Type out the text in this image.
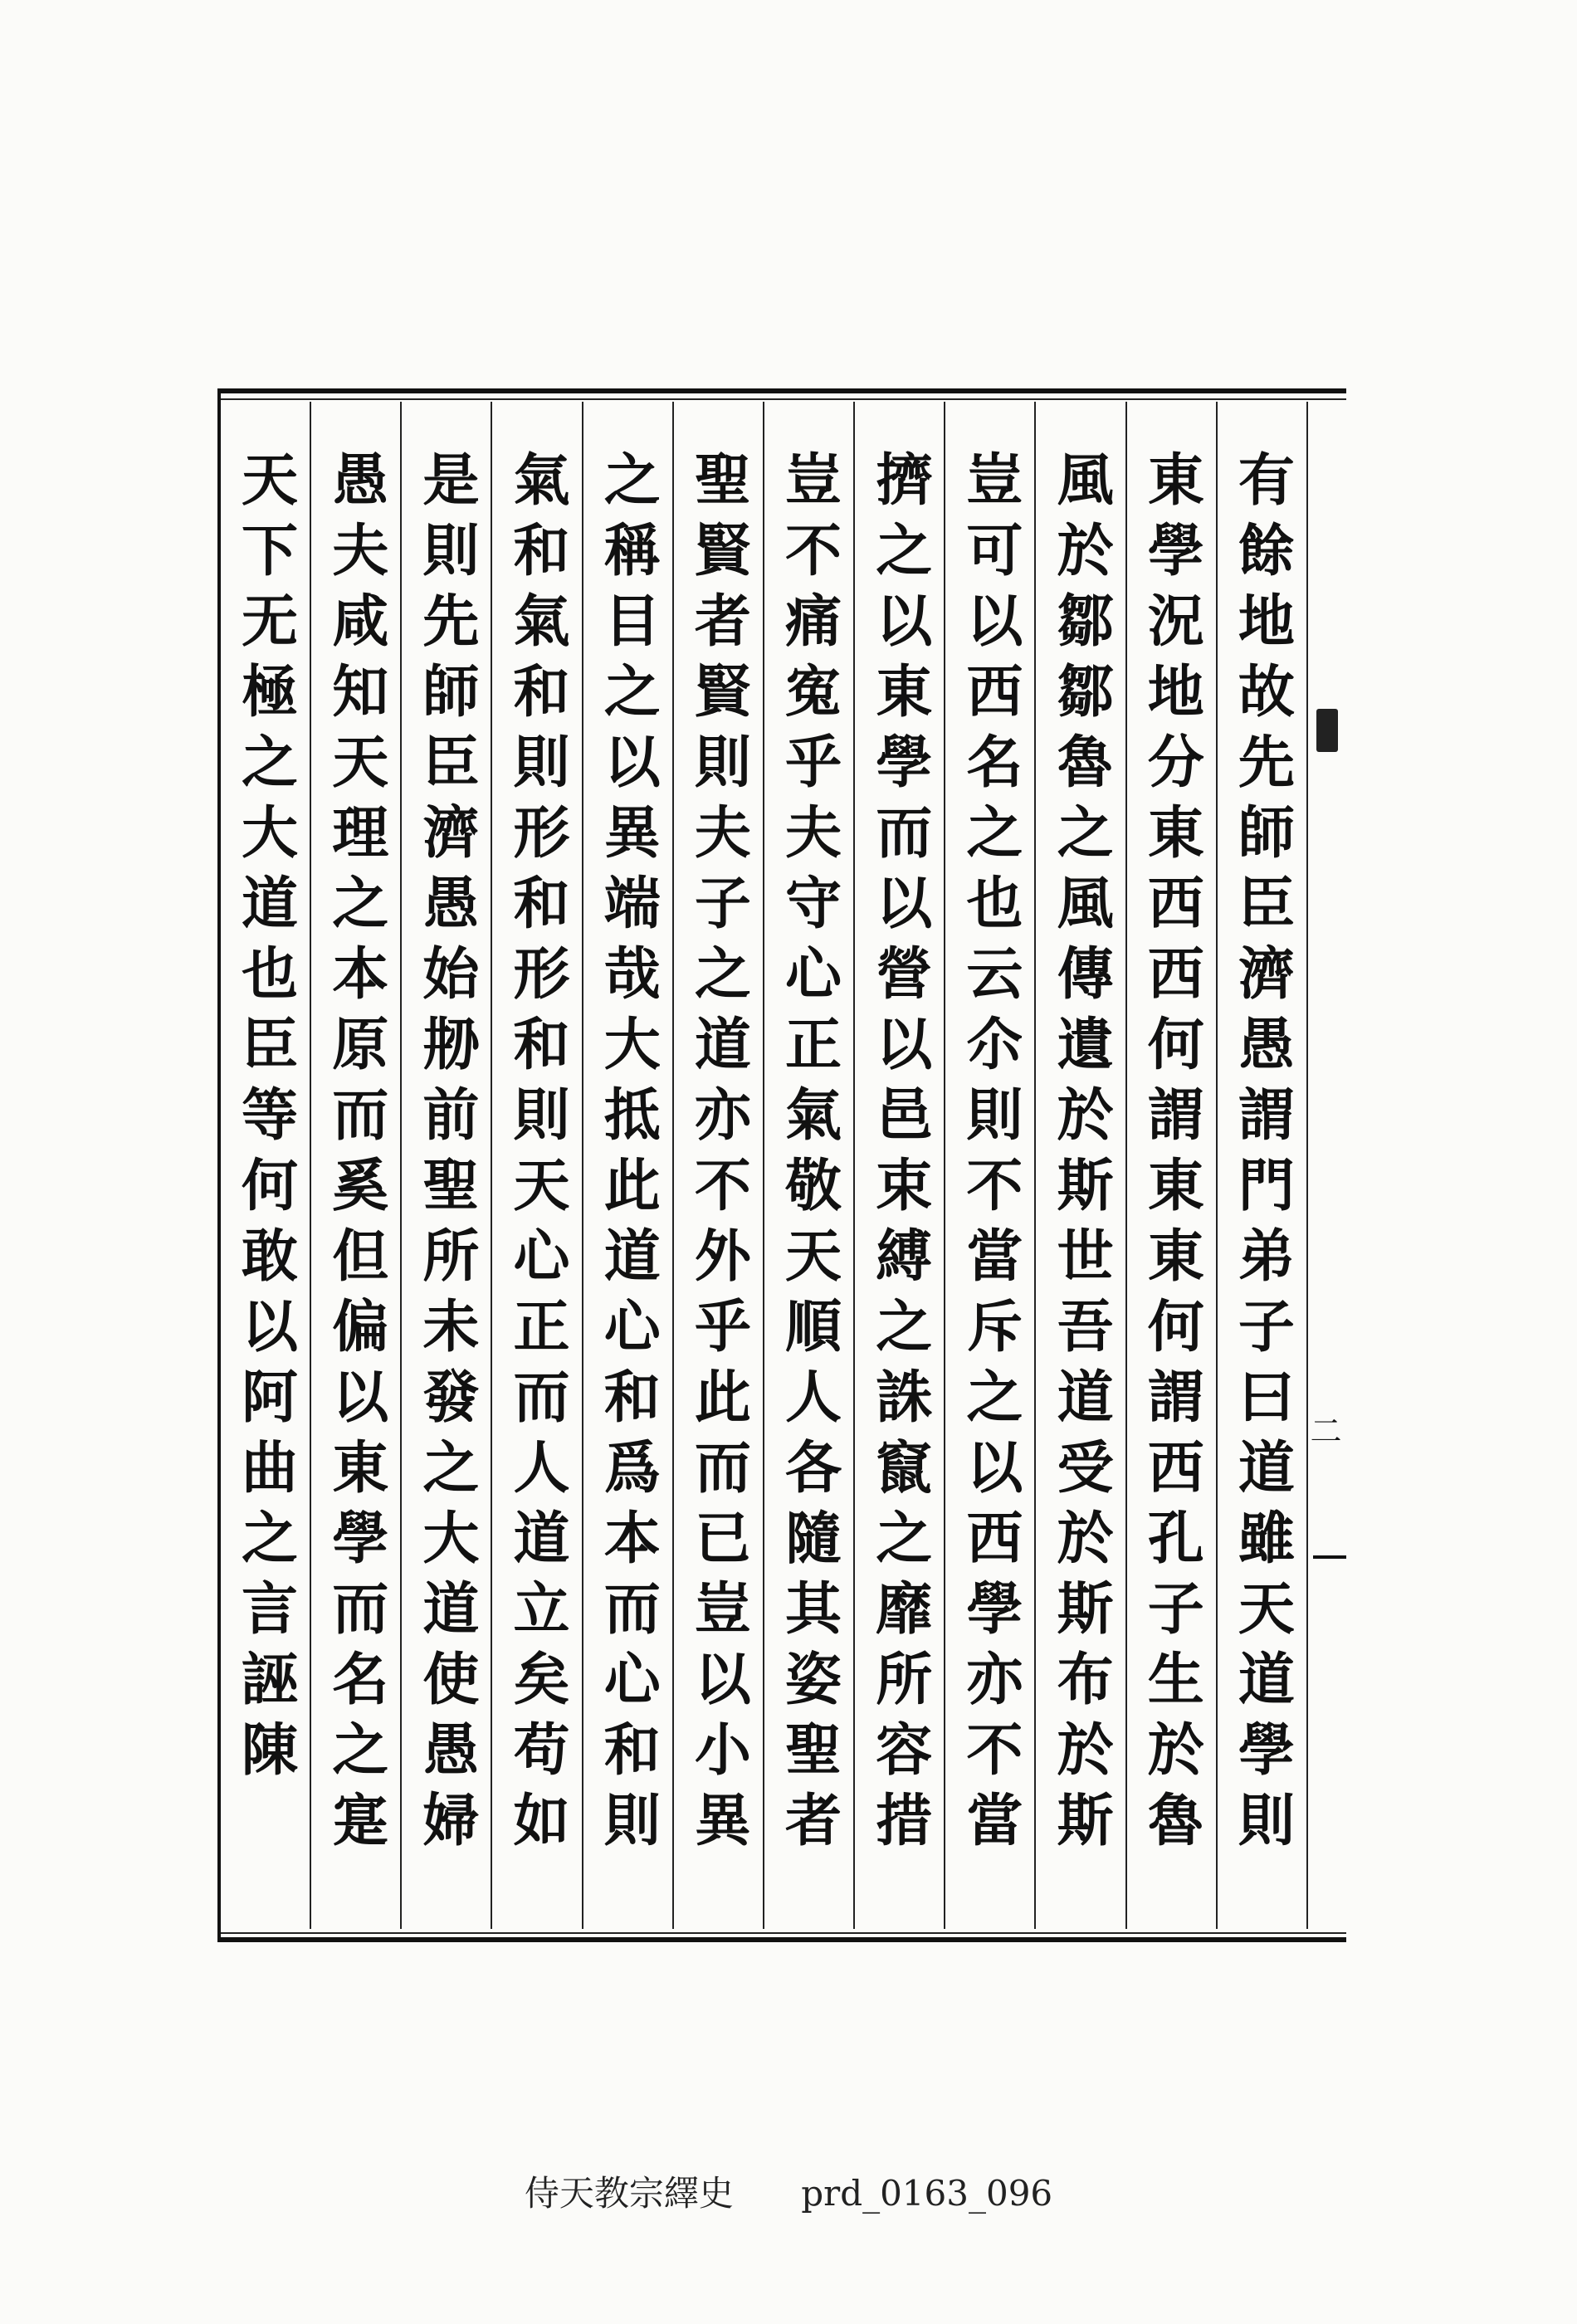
有餘地故先師臣濟愚謂門弟子曰道雖天道學則
東學況地分東西西何謂東東何謂西孔子生於魯
風於鄒鄒魯之風傳遺於斯世吾道受於斯布於斯
豈可以西名之也云尒則不當斥之以西學亦不當
擠之以東學而以營以邑束縛之誅竄之靡所容措
豈不痛寃乎夫守心正氣敬天順人各隨其姿聖者
聖賢者賢則夫子之道亦不外乎此而已豈以小異
之稱目之以異端哉大抵此道心和爲本而心和則
氣和氣和則形和形和則天心正而人道立矣苟如
是則先師臣濟愚始刱前聖所未發之大道使愚婦
愚夫咸知天理之本原而奚但偏以東學而名之寔
天下无極之大道也臣等何敢以阿曲之言誣陳	二
侍天教宗繹史 prd_0163_096
